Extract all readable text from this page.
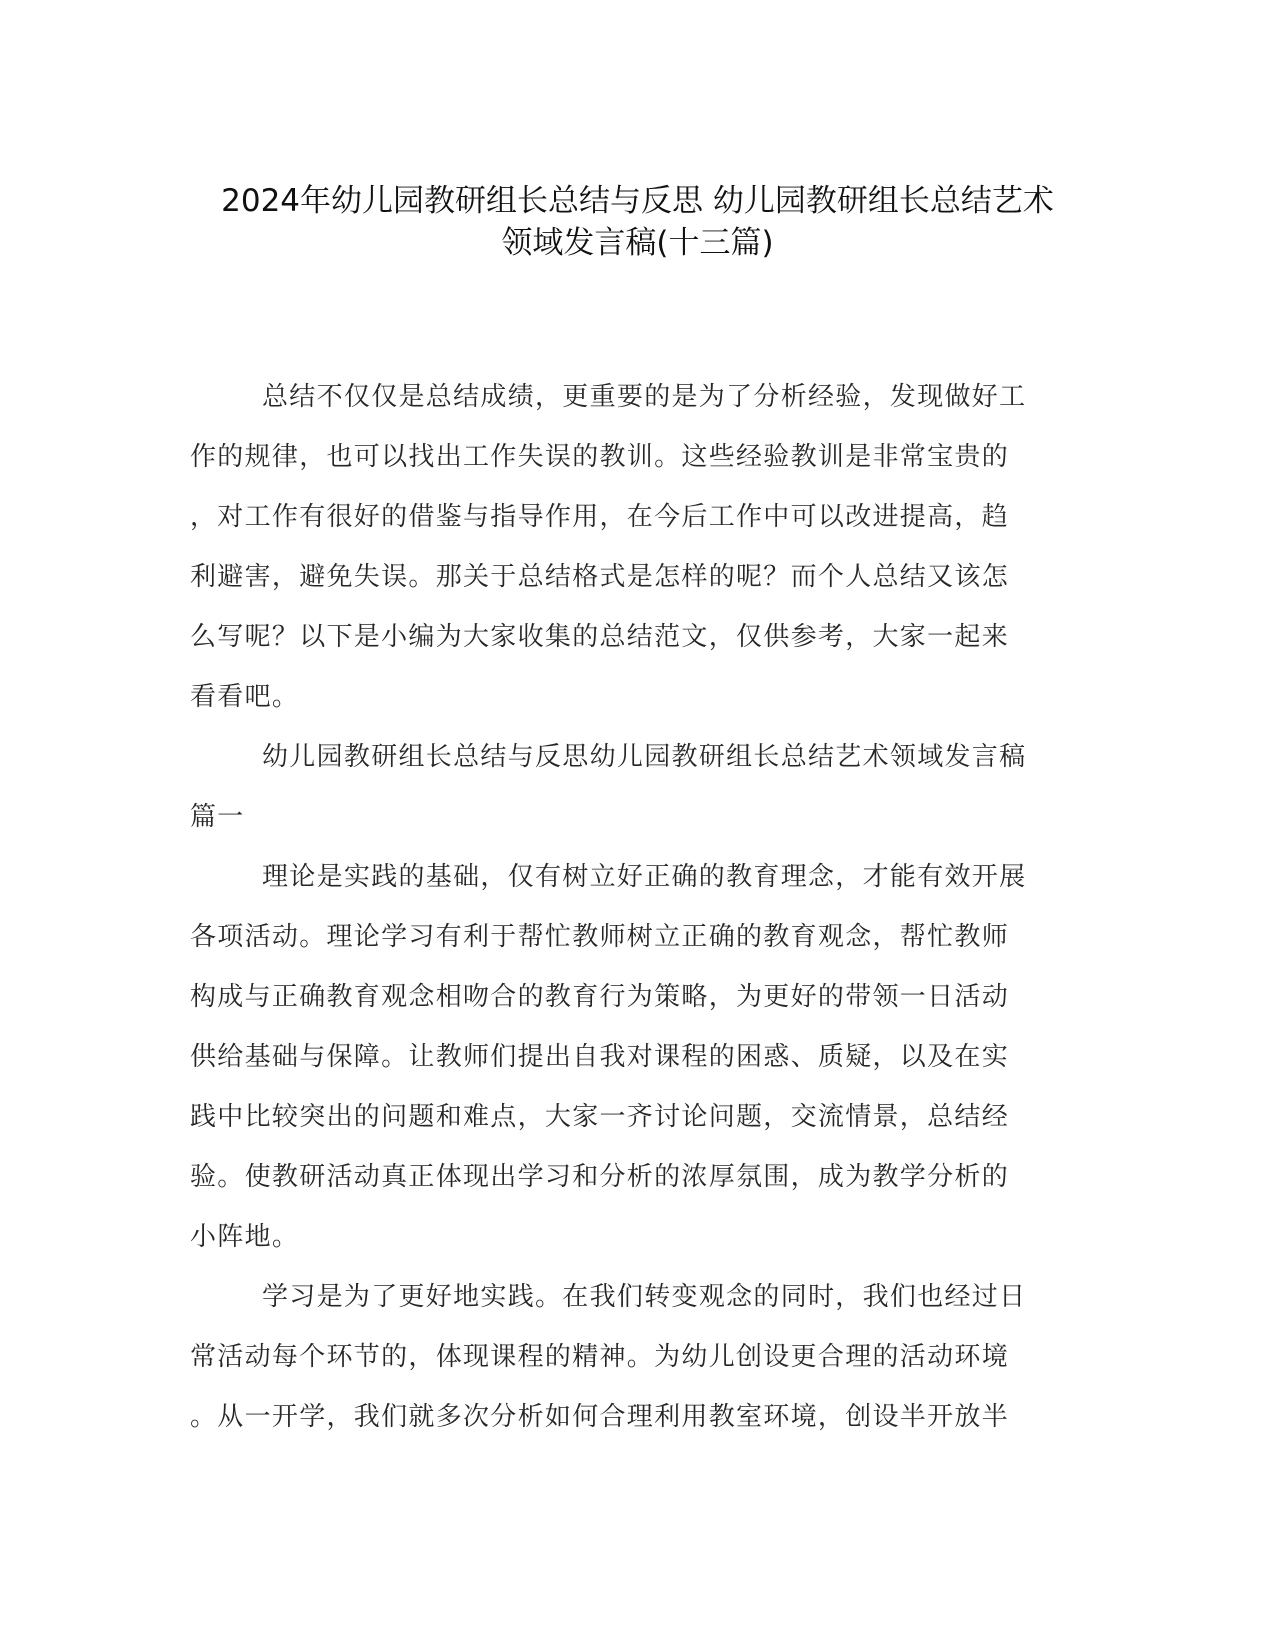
2024年幼儿园教研组长总结与反思 幼儿园教研组长总结艺术
领域发言稿(十三篇)
总结不仅仅是总结成绩，更重要的是为了分析经验，发现做好工
作的规律，也可以找出工作失误的教训。这些经验教训是非常宝贵的
，对工作有很好的借鉴与指导作用，在今后工作中可以改进提高，趋
利避害，避免失误。那关于总结格式是怎样的呢？而个人总结又该怎
么写呢？以下是小编为大家收集的总结范文，仅供参考，大家一起来
看看吧。
幼儿园教研组长总结与反思幼儿园教研组长总结艺术领域发言稿
篇一
理论是实践的基础，仅有树立好正确的教育理念，才能有效开展
各项活动。理论学习有利于帮忙教师树立正确的教育观念，帮忙教师
构成与正确教育观念相吻合的教育行为策略，为更好的带领一日活动
供给基础与保障。让教师们提出自我对课程的困惑、质疑，以及在实
践中比较突出的问题和难点，大家一齐讨论问题，交流情景，总结经
验。使教研活动真正体现出学习和分析的浓厚氛围，成为教学分析的
小阵地。
学习是为了更好地实践。在我们转变观念的同时，我们也经过日
常活动每个环节的，体现课程的精神。为幼儿创设更合理的活动环境
。从一开学，我们就多次分析如何合理利用教室环境，创设半开放半
